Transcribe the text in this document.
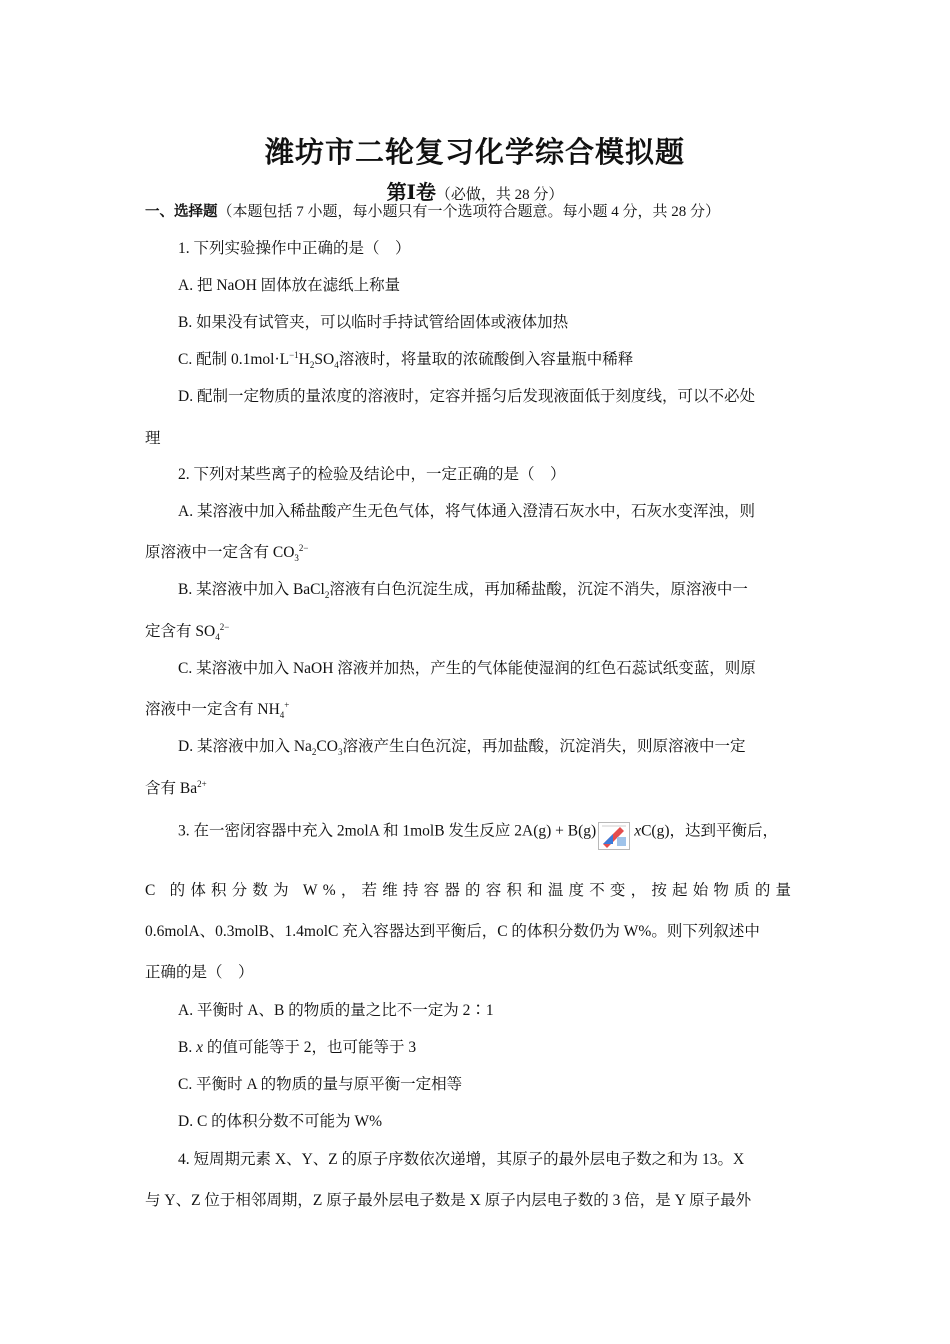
潍坊市二轮复习化学综合模拟题
第Ⅰ卷（必做，共 28 分）
一、选择题（本题包括 7 小题，每小题只有一个选项符合题意。每小题 4 分，共 28 分）
1. 下列实验操作中正确的是（　）
A. 把 NaOH 固体放在滤纸上称量
B. 如果没有试管夹，可以临时手持试管给固体或液体加热
C. 配制 $0.1mol\cdot L^{-1}H_2SO_4$溶液时，将量取的浓硫酸倒入容量瓶中稀释
D. 配制一定物质的量浓度的溶液时，定容并摇匀后发现液面低于刻度线，可以不必处
理
2. 下列对某些离子的检验及结论中，一定正确的是（　）
A. 某溶液中加入稀盐酸产生无色气体，将气体通入澄清石灰水中，石灰水变浑浊，则
原溶液中一定含有 $CO_3^{2-}$
B. 某溶液中加入 BaCl$_2$溶液有白色沉淀生成，再加稀盐酸，沉淀不消失，原溶液中一
定含有 $SO_4^{2-}$
C. 某溶液中加入 NaOH 溶液并加热，产生的气体能使湿润的红色石蕊试纸变蓝，则原
溶液中一定含有 $NH_4^+$
D. 某溶液中加入 $Na_2CO_3$溶液产生白色沉淀，再加盐酸，沉淀消失，则原溶液中一定
含有 $Ba^{2+}$
3. 在一密闭容器中充入 2molA 和 1molB 发生反应 2A(g) + B(g) xC(g)，达到平衡后，
C 的体积分数为 W%，若维持容器的容积和温度不变，按起始物质的量
0.6molA、0.3molB、1.4molC 充入容器达到平衡后，C 的体积分数仍为 W%。则下列叙述中
正确的是（　）
A. 平衡时 A、B 的物质的量之比不一定为 2∶1
B. x 的值可能等于 2，也可能等于 3
C. 平衡时 A 的物质的量与原平衡一定相等
D. C 的体积分数不可能为 W%
4. 短周期元素 X、Y、Z 的原子序数依次递增，其原子的最外层电子数之和为 13。X
与 Y、Z 位于相邻周期，Z 原子最外层电子数是 X 原子内层电子数的 3 倍，是 Y 原子最外
